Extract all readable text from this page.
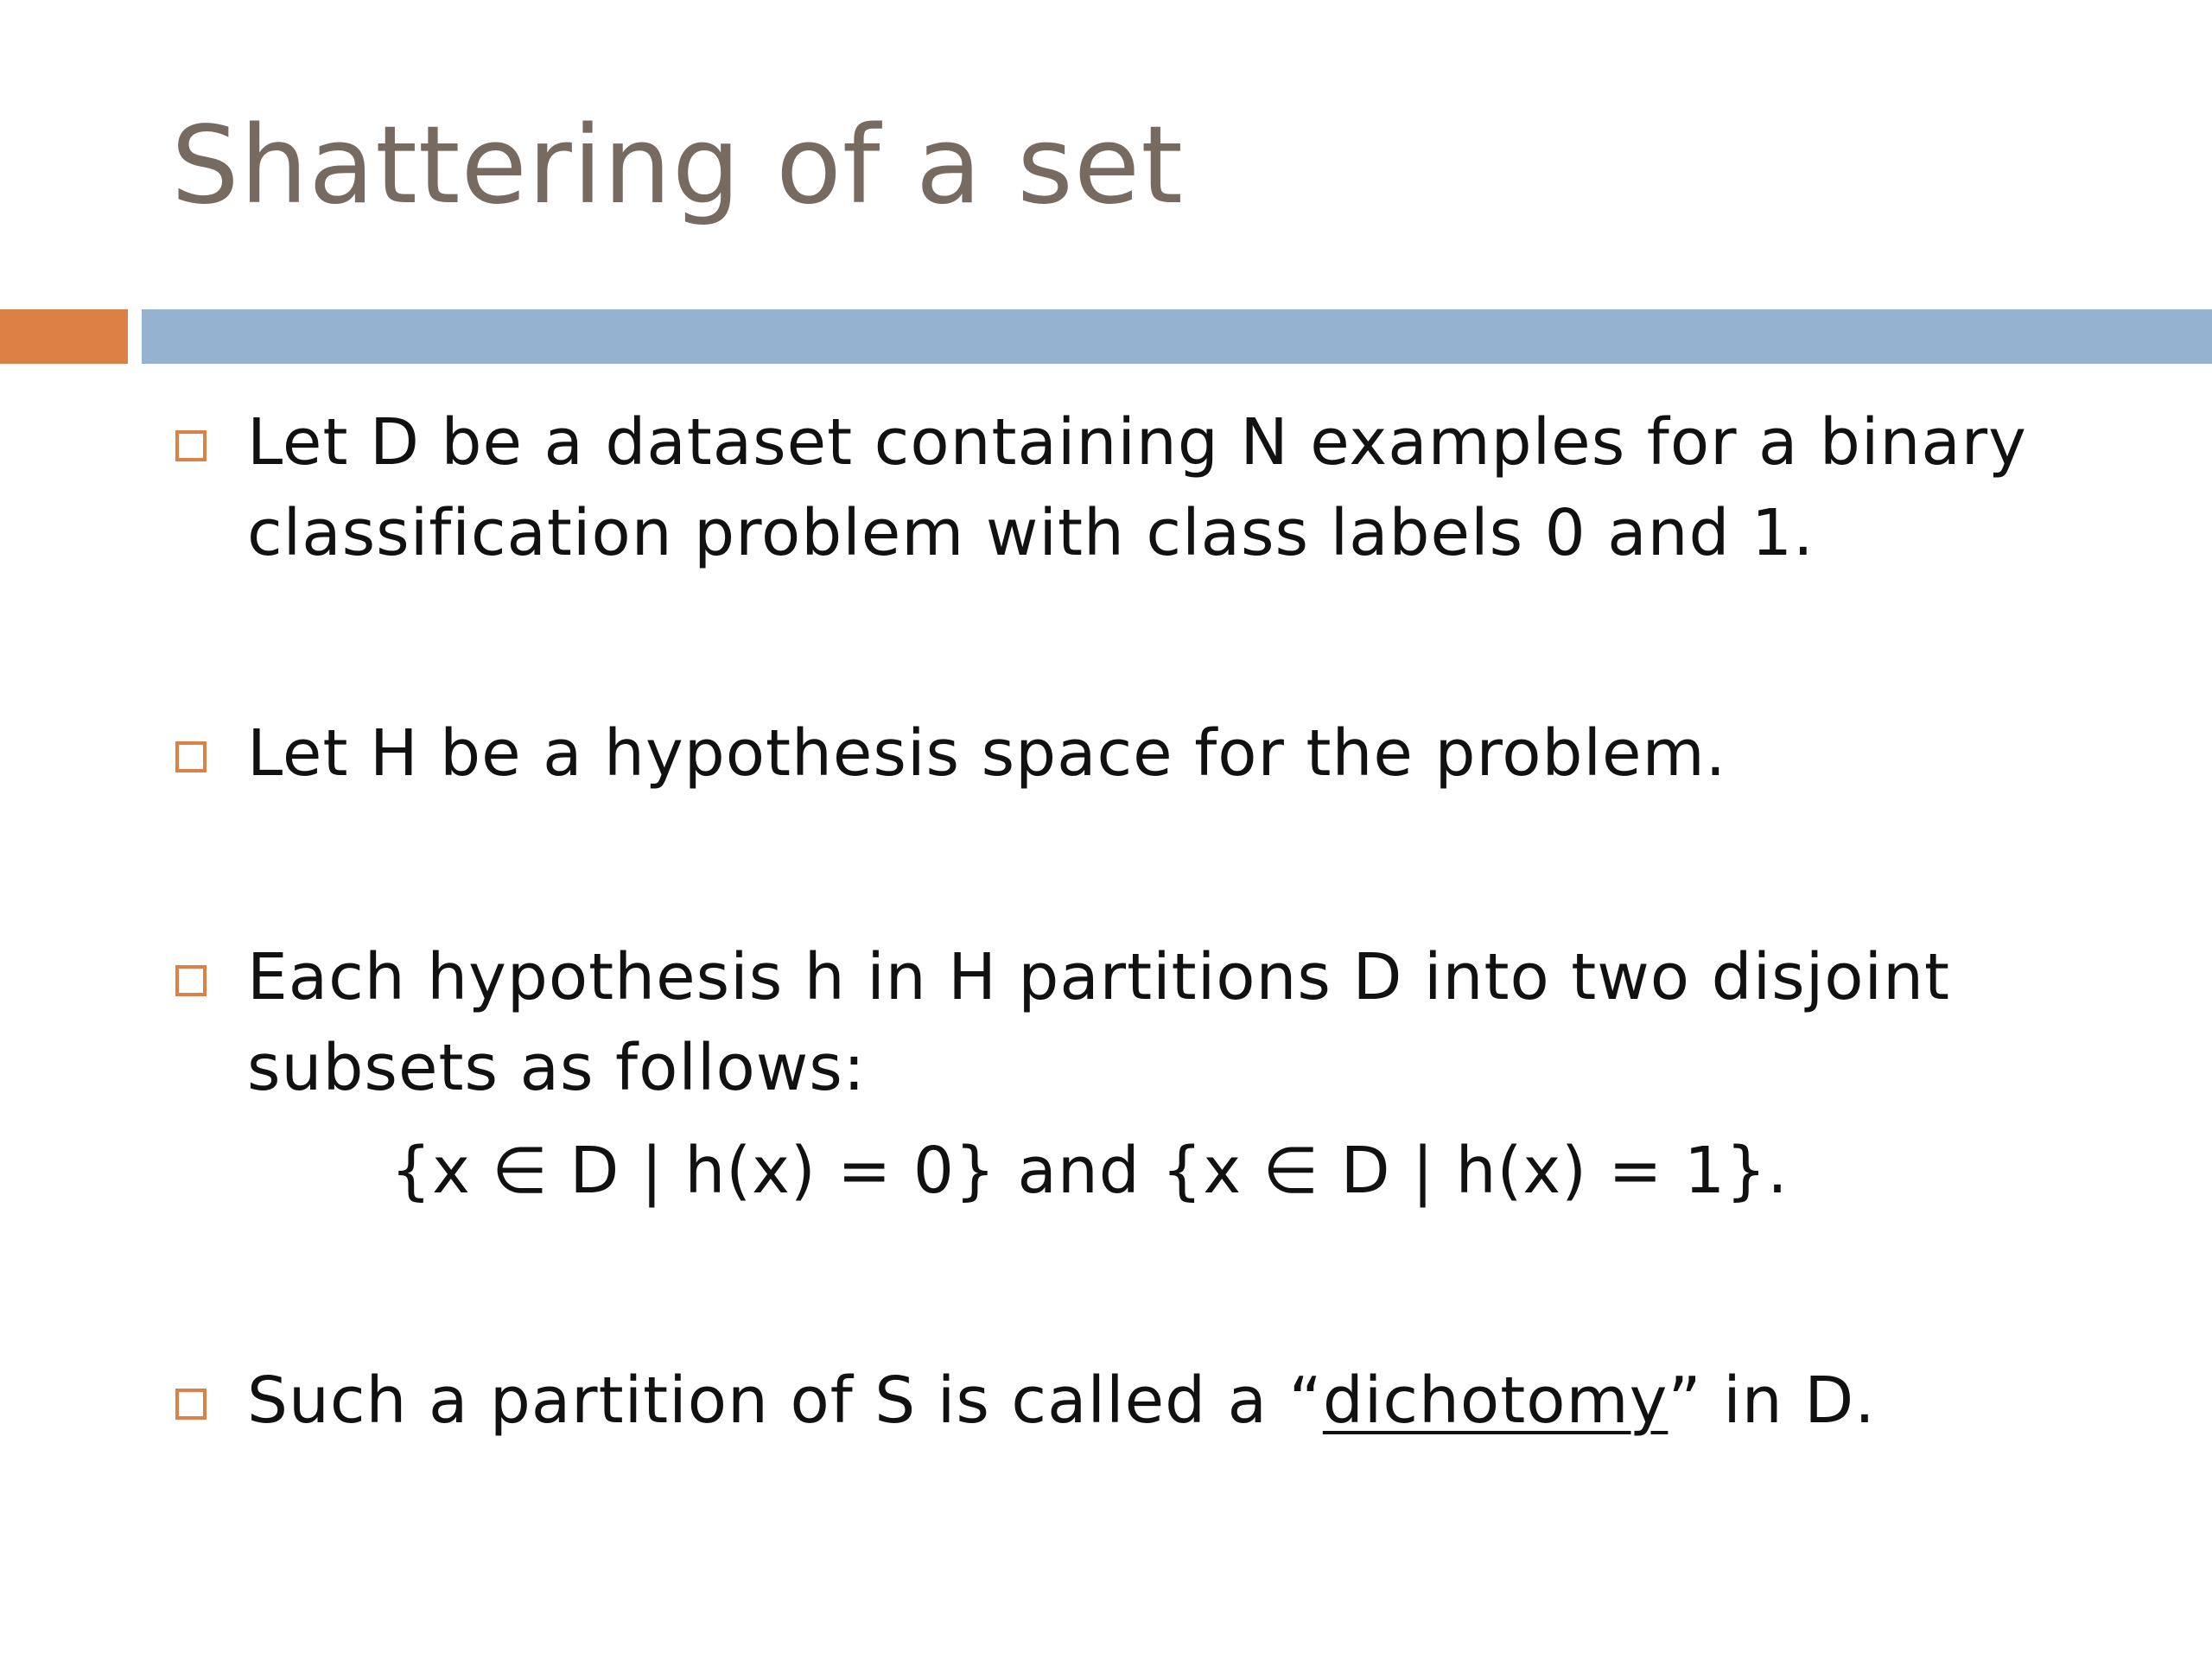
Shattering of a set

Let D be a dataset containing N examples for a binary classification problem with class labels 0 and 1.

Let H be a hypothesis space for the problem.

Each hypothesis h in H partitions D into two disjoint subsets as follows:

{x ∈ D | h(x) = 0} and {x ∈ D | h(x) = 1}.

Such a partition of S is called a “dichotomy” in D.
